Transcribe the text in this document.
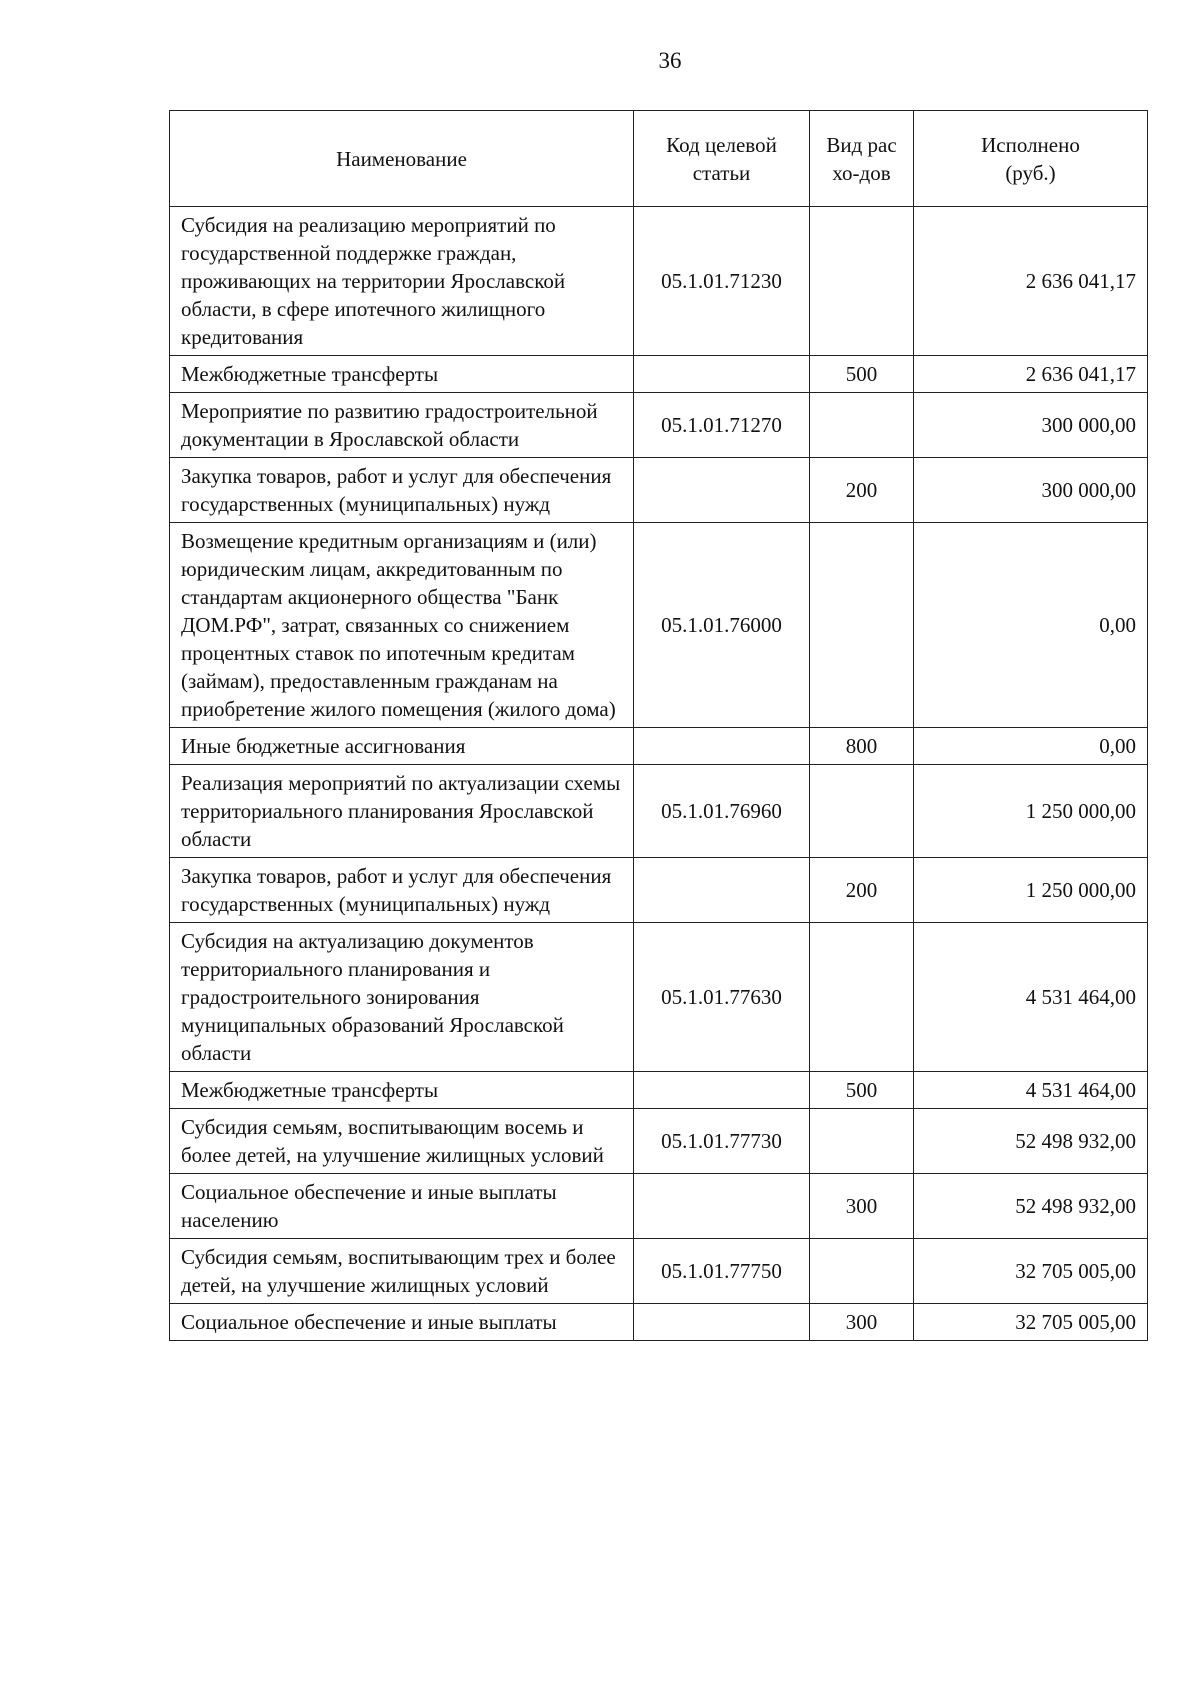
36
Наименование	Код целевой статьи	Вид расхо-дов	Исполнено (руб.)
Субсидия на реализацию мероприятий по государственной поддержке граждан, проживающих на территории Ярославской области, в сфере ипотечного жилищного кредитования	05.1.01.71230		2 636 041,17
Межбюджетные трансферты		500	2 636 041,17
Мероприятие по развитию градостроительной документации в Ярославской области	05.1.01.71270		300 000,00
Закупка товаров, работ и услуг для обеспечения государственных (муниципальных) нужд		200	300 000,00
Возмещение кредитным организациям и (или) юридическим лицам, аккредитованным по стандартам акционерного общества "Банк ДОМ.РФ", затрат, связанных со снижением процентных ставок по ипотечным кредитам (займам), предоставленным гражданам на приобретение жилого помещения (жилого дома)	05.1.01.76000		0,00
Иные бюджетные ассигнования		800	0,00
Реализация мероприятий по актуализации схемы территориального планирования Ярославской области	05.1.01.76960		1 250 000,00
Закупка товаров, работ и услуг для обеспечения государственных (муниципальных) нужд		200	1 250 000,00
Субсидия на актуализацию документов территориального планирования и градостроительного зонирования муниципальных образований Ярославской области	05.1.01.77630		4 531 464,00
Межбюджетные трансферты		500	4 531 464,00
Субсидия семьям, воспитывающим восемь и более детей, на улучшение жилищных условий	05.1.01.77730		52 498 932,00
Социальное обеспечение и иные выплаты населению		300	52 498 932,00
Субсидия семьям, воспитывающим трех и более детей, на улучшение жилищных условий	05.1.01.77750		32 705 005,00
Социальное обеспечение и иные выплаты		300	32 705 005,00
